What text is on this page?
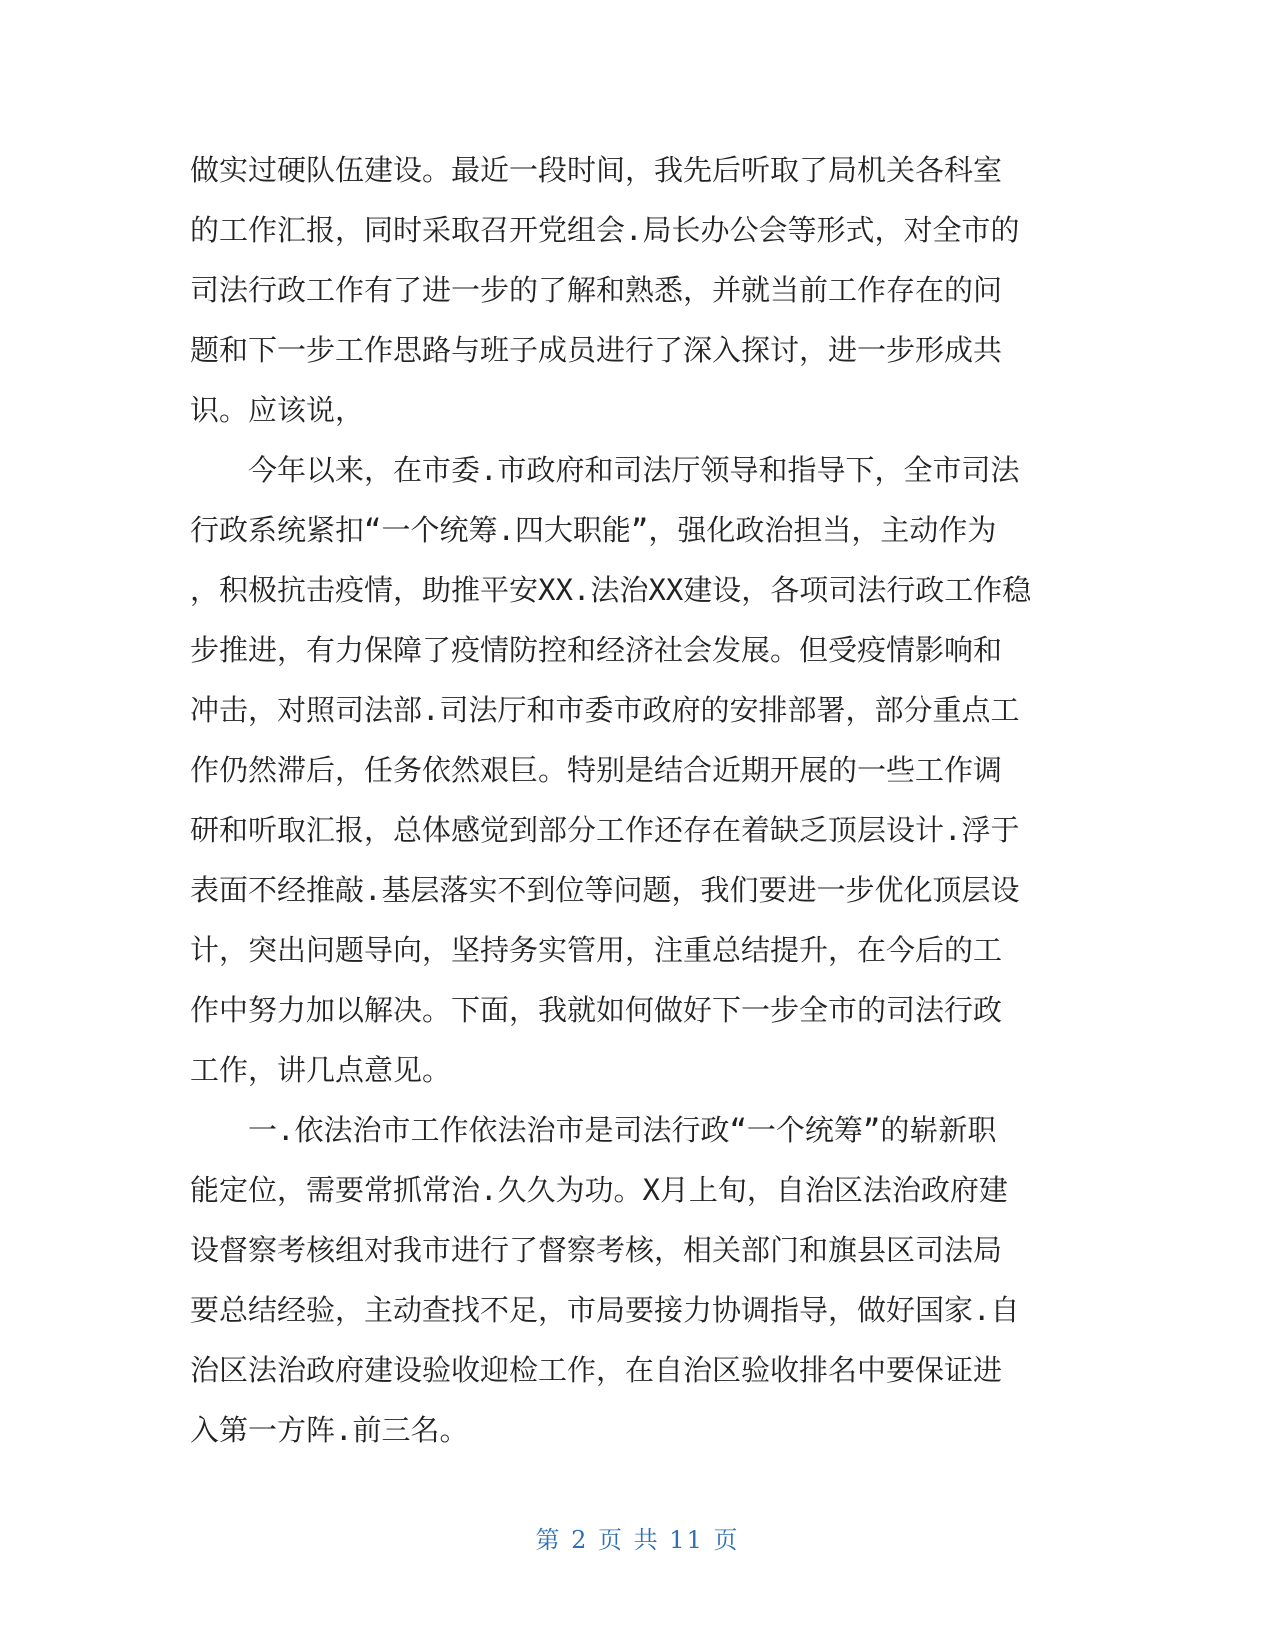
做实过硬队伍建设。最近一段时间，我先后听取了局机关各科室
的工作汇报，同时采取召开党组会.局长办公会等形式，对全市的
司法行政工作有了进一步的了解和熟悉，并就当前工作存在的问
题和下一步工作思路与班子成员进行了深入探讨，进一步形成共
识。应该说，
　　今年以来，在市委.市政府和司法厅领导和指导下，全市司法
行政系统紧扣“一个统筹.四大职能”，强化政治担当，主动作为
，积极抗击疫情，助推平安XX.法治XX建设，各项司法行政工作稳
步推进，有力保障了疫情防控和经济社会发展。但受疫情影响和
冲击，对照司法部.司法厅和市委市政府的安排部署，部分重点工
作仍然滞后，任务依然艰巨。特别是结合近期开展的一些工作调
研和听取汇报，总体感觉到部分工作还存在着缺乏顶层设计.浮于
表面不经推敲.基层落实不到位等问题，我们要进一步优化顶层设
计，突出问题导向，坚持务实管用，注重总结提升，在今后的工
作中努力加以解决。下面，我就如何做好下一步全市的司法行政
工作，讲几点意见。
　　一.依法治市工作依法治市是司法行政“一个统筹”的崭新职
能定位，需要常抓常治.久久为功。X月上旬，自治区法治政府建
设督察考核组对我市进行了督察考核，相关部门和旗县区司法局
要总结经验，主动查找不足，市局要接力协调指导，做好国家.自
治区法治政府建设验收迎检工作，在自治区验收排名中要保证进
入第一方阵.前三名。
第 2 页 共 11 页
